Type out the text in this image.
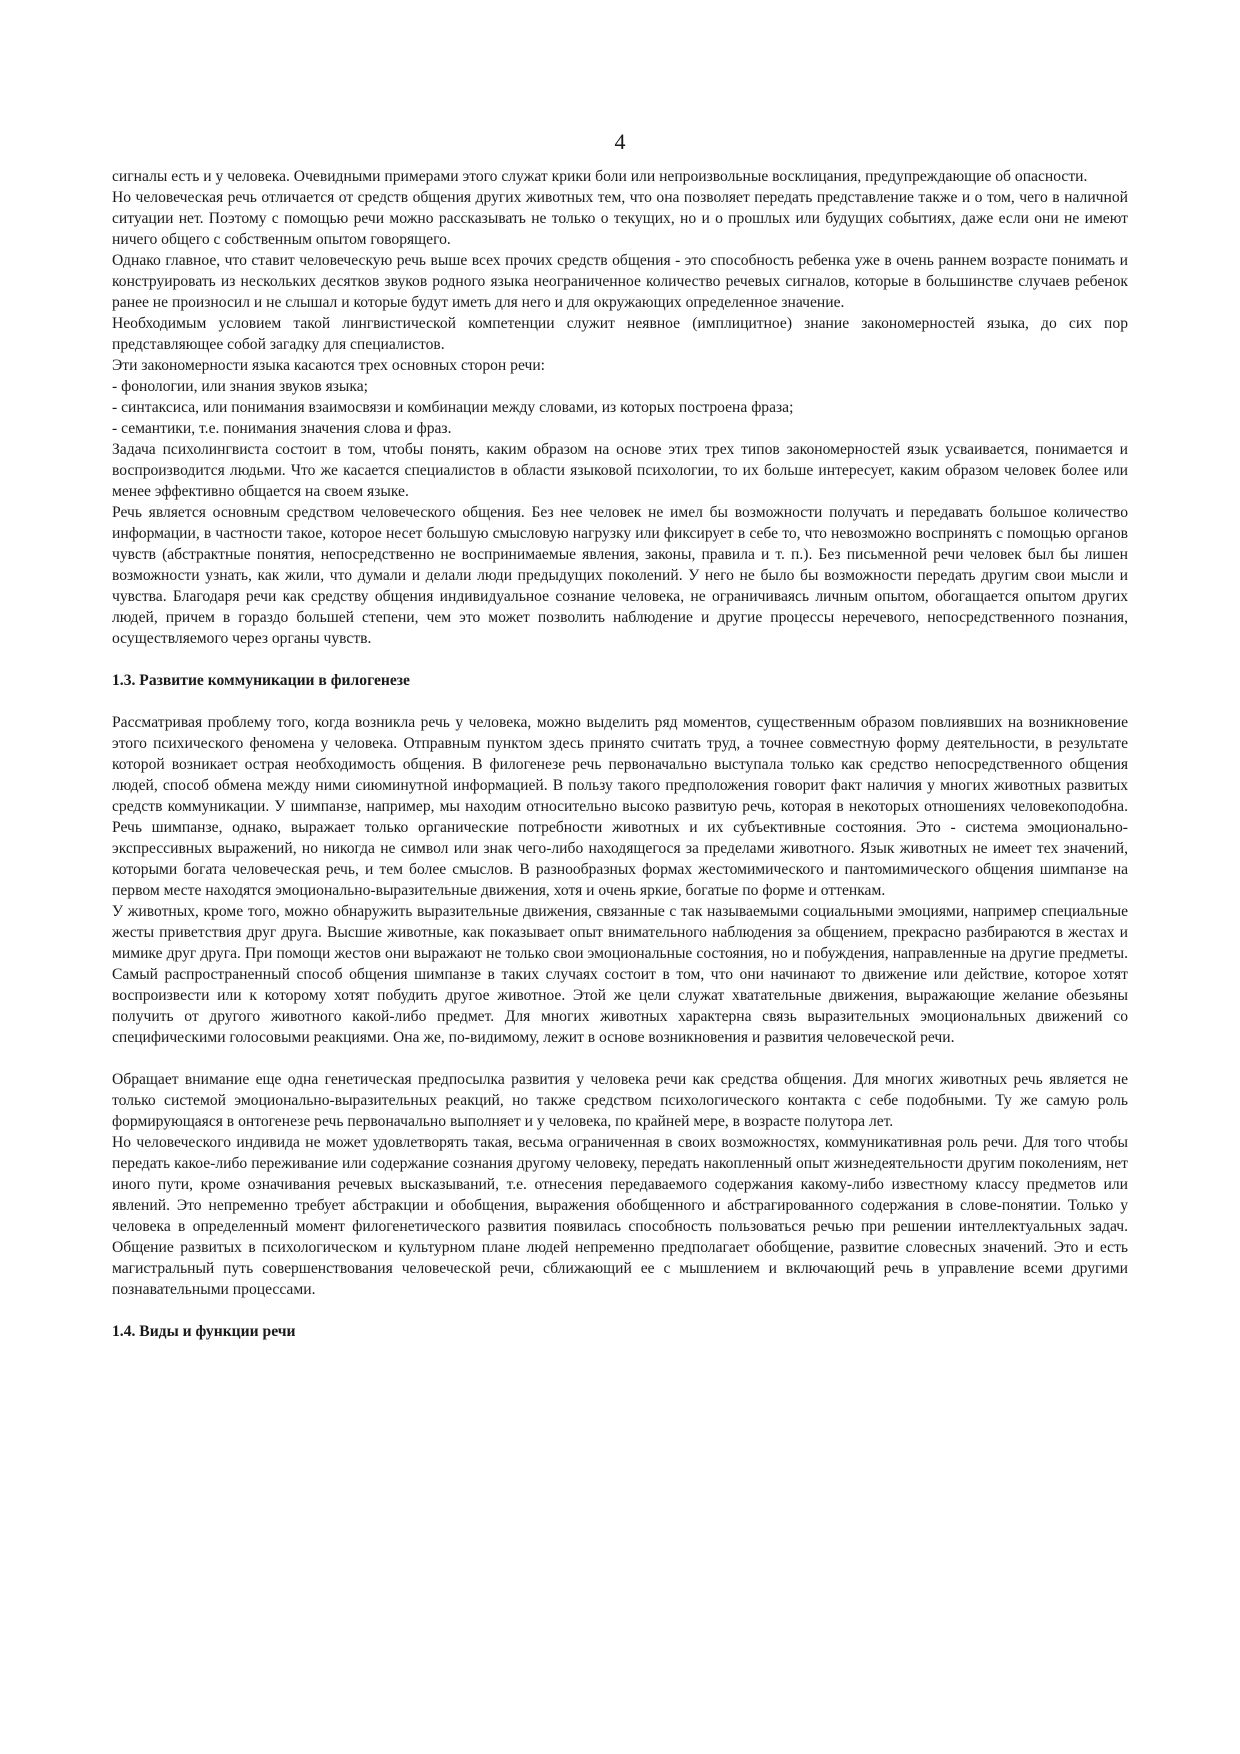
4

сигналы есть и у человека. Очевидными примерами этого служат крики боли или непроизвольные восклицания, предупреждающие об опасности.

Но человеческая речь отличается от средств общения других животных тем, что она позволяет передать представление также и о том, чего в наличной ситуации нет. Поэтому с помощью речи можно рассказывать не только о текущих, но и о прошлых или будущих событиях, даже если они не имеют ничего общего с собственным опытом говорящего.

Однако главное, что ставит человеческую речь выше всех прочих средств общения - это способность ребенка уже в очень раннем возрасте понимать и конструировать из нескольких десятков звуков родного языка неограниченное количество речевых сигналов, которые в большинстве случаев ребенок ранее не произносил и не слышал и которые будут иметь для него и для окружающих определенное значение.

Необходимым условием такой лингвистической компетенции служит неявное (имплицитное) знание закономерностей языка, до сих пор представляющее собой загадку для специалистов.

Эти закономерности языка касаются трех основных сторон речи:

- фонологии, или знания звуков языка;

- синтаксиса, или понимания взаимосвязи и комбинации между словами, из которых построена фраза;

- семантики, т.е. понимания значения слова и фраз.

Задача психолингвиста состоит в том, чтобы понять, каким образом на основе этих трех типов закономерностей язык усваивается, понимается и воспроизводится людьми. Что же касается специалистов в области языковой психологии, то их больше интересует, каким образом человек более или менее эффективно общается на своем языке.

Речь является основным средством человеческого общения. Без нее человек не имел бы возможности получать и передавать большое количество информации, в частности такое, которое несет большую смысловую нагрузку или фиксирует в себе то, что невозможно воспринять с помощью органов чувств (абстрактные понятия, непосредственно не воспринимаемые явления, законы, правила и т. п.). Без письменной речи человек был бы лишен возможности узнать, как жили, что думали и делали люди предыдущих поколений. У него не было бы возможности передать другим свои мысли и чувства. Благодаря речи как средству общения индивидуальное сознание человека, не ограничиваясь личным опытом, обогащается опытом других людей, причем в гораздо большей степени, чем это может позволить наблюдение и другие процессы неречевого, непосредственного познания, осуществляемого через органы чувств.

1.3. Развитие коммуникации в филогенезе

Рассматривая проблему того, когда возникла речь у человека, можно выделить ряд моментов, существенным образом повлиявших на возникновение этого психического феномена у человека. Отправным пунктом здесь принято считать труд, а точнее совместную форму деятельности, в результате которой возникает острая необходимость общения. В филогенезе речь первоначально выступала только как средство непосредственного общения людей, способ обмена между ними сиюминутной информацией. В пользу такого предположения говорит факт наличия у многих животных развитых средств коммуникации. У шимпанзе, например, мы находим относительно высоко развитую речь, которая в некоторых отношениях человекоподобна. Речь шимпанзе, однако, выражает только органические потребности животных и их субъективные состояния. Это - система эмоционально-экспрессивных выражений, но никогда не символ или знак чего-либо находящегося за пределами животного. Язык животных не имеет тех значений, которыми богата человеческая речь, и тем более смыслов. В разнообразных формах жестомимического и пантомимического общения шимпанзе на первом месте находятся эмоционально-выразительные движения, хотя и очень яркие, богатые по форме и оттенкам.

У животных, кроме того, можно обнаружить выразительные движения, связанные с так называемыми социальными эмоциями, например специальные жесты приветствия друг друга. Высшие животные, как показывает опыт внимательного наблюдения за общением, прекрасно разбираются в жестах и мимике друг друга. При помощи жестов они выражают не только свои эмоциональные состояния, но и побуждения, направленные на другие предметы. Самый распространенный способ общения шимпанзе в таких случаях состоит в том, что они начинают то движение или действие, которое хотят воспроизвести или к которому хотят побудить другое животное. Этой же цели служат хватательные движения, выражающие желание обезьяны получить от другого животного какой-либо предмет. Для многих животных характерна связь выразительных эмоциональных движений со специфическими голосовыми реакциями. Она же, по-видимому, лежит в основе возникновения и развития человеческой речи.

Обращает внимание еще одна генетическая предпосылка развития у человека речи как средства общения. Для многих животных речь является не только системой эмоционально-выразительных реакций, но также средством психологического контакта с себе подобными. Ту же самую роль формирующаяся в онтогенезе речь первоначально выполняет и у человека, по крайней мере, в возрасте полутора лет.

Но человеческого индивида не может удовлетворять такая, весьма ограниченная в своих возможностях, коммуникативная роль речи. Для того чтобы передать какое-либо переживание или содержание сознания другому человеку, передать накопленный опыт жизнедеятельности другим поколениям, нет иного пути, кроме означивания речевых высказываний, т.е. отнесения передаваемого содержания какому-либо известному классу предметов или явлений. Это непременно требует абстракции и обобщения, выражения обобщенного и абстрагированного содержания в слове-понятии. Только у человека в определенный момент филогенетического развития появилась способность пользоваться речью при решении интеллектуальных задач. Общение развитых в психологическом и культурном плане людей непременно предполагает обобщение, развитие словесных значений. Это и есть магистральный путь совершенствования человеческой речи, сближающий ее с мышлением и включающий речь в управление всеми другими познавательными процессами.

1.4. Виды и функции речи
